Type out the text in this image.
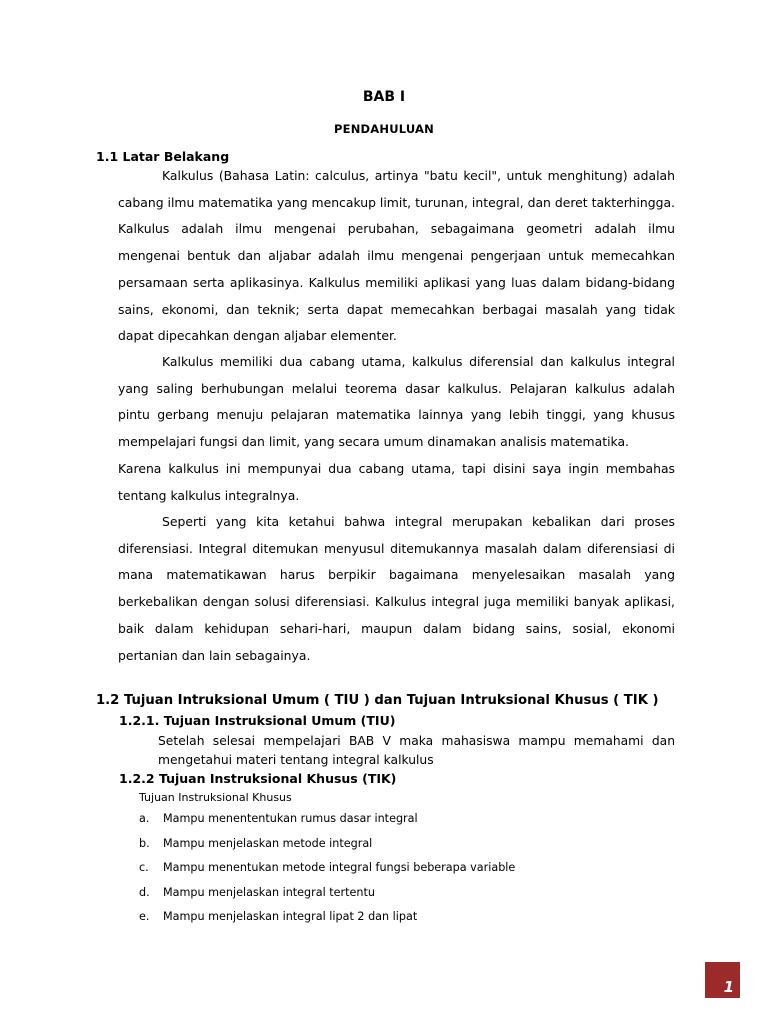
BAB I
PENDAHULUAN
1.1 Latar Belakang

Kalkulus (Bahasa Latin: calculus, artinya "batu kecil", untuk menghitung) adalah cabang ilmu matematika yang mencakup limit, turunan, integral, dan deret takterhingga. Kalkulus adalah ilmu mengenai perubahan, sebagaimana geometri adalah ilmu mengenai bentuk dan aljabar adalah ilmu mengenai pengerjaan untuk memecahkan persamaan serta aplikasinya. Kalkulus memiliki aplikasi yang luas dalam bidang-bidang sains, ekonomi, dan teknik; serta dapat memecahkan berbagai masalah yang tidak dapat dipecahkan dengan aljabar elementer.

Kalkulus memiliki dua cabang utama, kalkulus diferensial dan kalkulus integral yang saling berhubungan melalui teorema dasar kalkulus. Pelajaran kalkulus adalah pintu gerbang menuju pelajaran matematika lainnya yang lebih tinggi, yang khusus mempelajari fungsi dan limit, yang secara umum dinamakan analisis matematika.

Karena kalkulus ini mempunyai dua cabang utama, tapi disini saya ingin membahas tentang kalkulus integralnya.

Seperti yang kita ketahui bahwa integral merupakan kebalikan dari proses diferensiasi. Integral ditemukan menyusul ditemukannya masalah dalam diferensiasi di mana matematikawan harus berpikir bagaimana menyelesaikan masalah yang berkebalikan dengan solusi diferensiasi. Kalkulus integral juga memiliki banyak aplikasi, baik dalam kehidupan sehari-hari, maupun dalam bidang sains, sosial, ekonomi pertanian dan lain sebagainya.

1.2 Tujuan Intruksional Umum ( TIU ) dan Tujuan Intruksional Khusus ( TIK )
1.2.1. Tujuan Instruksional Umum (TIU)

Setelah selesai mempelajari BAB V maka mahasiswa mampu memahami dan mengetahui materi tentang integral kalkulus

1.2.2 Tujuan Instruksional Khusus (TIK)
Tujuan Instruksional Khusus
a. Mampu menententukan rumus dasar integral
b. Mampu menjelaskan metode integral
c. Mampu menentukan metode integral fungsi beberapa variable
d. Mampu menjelaskan integral tertentu
e. Mampu menjelaskan integral lipat 2 dan lipat
1
